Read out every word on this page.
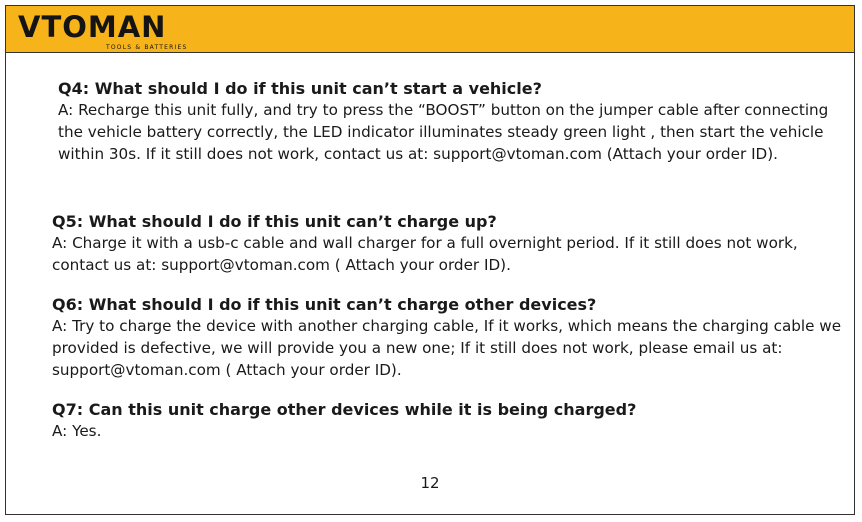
VTOMAN
TOOLS & BATTERIES

Q4: What should I do if this unit can’t start a vehicle?

A: Recharge this unit fully, and try to press the “BOOST” button on the jumper cable after connecting the vehicle battery correctly, the LED indicator illuminates steady green light , then start the vehicle within 30s. If it still does not work, contact us at: support@vtoman.com (Attach your order ID).

Q5: What should I do if this unit can’t charge up?

A: Charge it with a usb-c cable and wall charger for a full overnight period. If it still does not work, contact us at: support@vtoman.com ( Attach your order ID).

Q6: What should I do if this unit can’t charge other devices?

A: Try to charge the device with another charging cable, If it works, which means the charging cable we provided is defective, we will provide you a new one; If it still does not work, please email us at: support@vtoman.com ( Attach your order ID).

Q7: Can this unit charge other devices while it is being charged?

A: Yes.

12
